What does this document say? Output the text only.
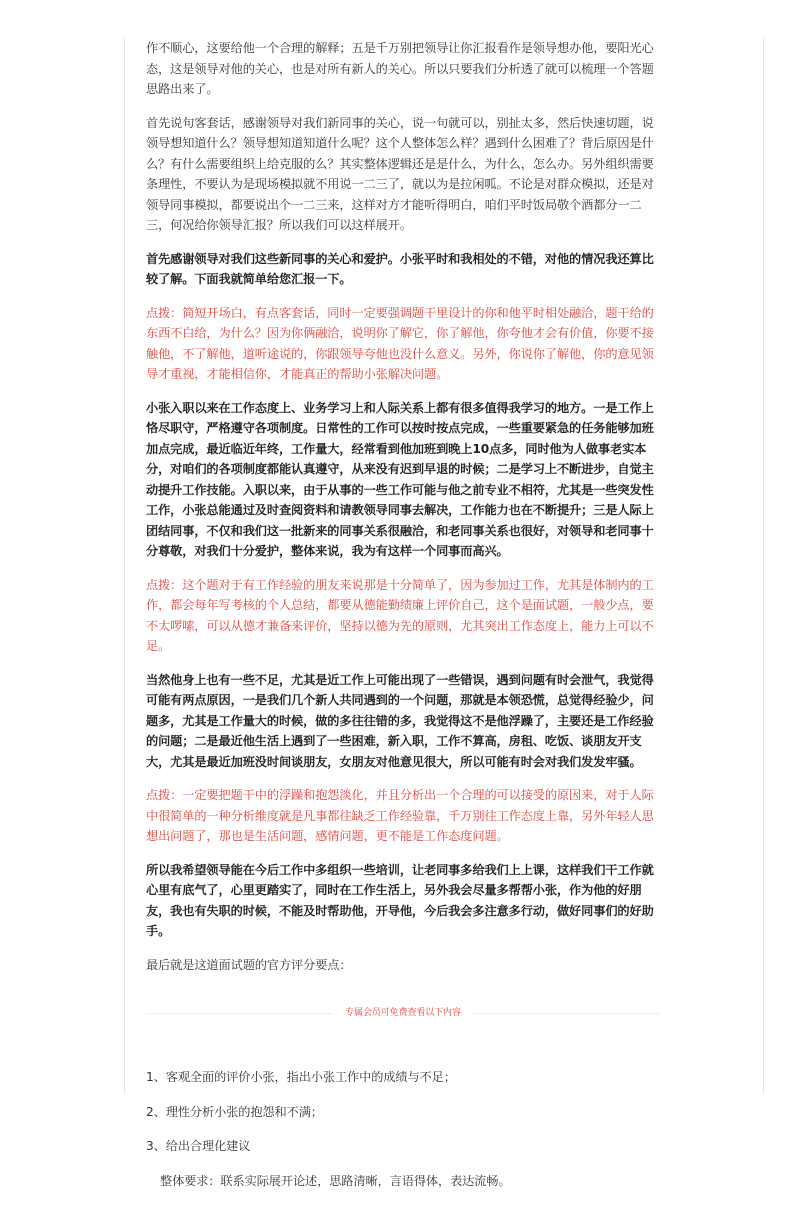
作不顺心，这要给他一个合理的解释；五是千万别把领导让你汇报看作是领导想办他，要阳光心态，这是领导对他的关心，也是对所有新人的关心。所以只要我们分析透了就可以梳理一个答题思路出来了。

首先说句客套话，感谢领导对我们新同事的关心，说一句就可以，别扯太多，然后快速切题，说领导想知道什么？领导想知道知道什么呢？这个人整体怎么样？遇到什么困难了？背后原因是什么？有什么需要组织上给克服的么？其实整体逻辑还是是什么，为什么，怎么办。另外组织需要条理性，不要认为是现场模拟就不用说一二三了，就以为是拉闲呱。不论是对群众模拟，还是对领导同事模拟，都要说出个一二三来，这样对方才能听得明白，咱们平时饭局敬个酒都分一二三，何况给你领导汇报？所以我们可以这样展开。

首先感谢领导对我们这些新同事的关心和爱护。小张平时和我相处的不错，对他的情况我还算比较了解。下面我就简单给您汇报一下。

点拨：简短开场白，有点客套话，同时一定要强调题干里设计的你和他平时相处融洽，题干给的东西不白给，为什么？因为你俩融洽，说明你了解它，你了解他，你夸他才会有价值，你要不接触他，不了解他，道听途说的，你跟领导夸他也没什么意义。另外，你说你了解他，你的意见领导才重视，才能相信你，才能真正的帮助小张解决问题。

小张入职以来在工作态度上、业务学习上和人际关系上都有很多值得我学习的地方。一是工作上恪尽职守，严格遵守各项制度。日常性的工作可以按时按点完成，一些重要紧急的任务能够加班加点完成，最近临近年终，工作量大，经常看到他加班到晚上10点多，同时他为人做事老实本分，对咱们的各项制度都能认真遵守，从来没有迟到早退的时候；二是学习上不断进步，自觉主动提升工作技能。入职以来，由于从事的一些工作可能与他之前专业不相符，尤其是一些突发性工作，小张总能通过及时查阅资料和请教领导同事去解决，工作能力也在不断提升；三是人际上团结同事，不仅和我们这一批新来的同事关系很融洽，和老同事关系也很好，对领导和老同事十分尊敬，对我们十分爱护，整体来说，我为有这样一个同事而高兴。

点拨：这个题对于有工作经验的朋友来说那是十分简单了，因为参加过工作，尤其是体制内的工作，都会每年写考核的个人总结，都要从德能勤绩廉上评价自己，这个是面试题，一般少点，要不太啰嗦，可以从德才兼备来评价，坚持以德为先的原则，尤其突出工作态度上，能力上可以不足。

当然他身上也有一些不足，尤其是近工作上可能出现了一些错误，遇到问题有时会泄气，我觉得可能有两点原因，一是我们几个新人共同遇到的一个问题，那就是本领恐慌，总觉得经验少，问题多，尤其是工作量大的时候，做的多往往错的多，我觉得这不是他浮躁了，主要还是工作经验的问题；二是最近他生活上遇到了一些困难，新入职，工作不算高，房租、吃饭、谈朋友开支大，尤其是最近加班没时间谈朋友，女朋友对他意见很大，所以可能有时会对我们发发牢骚。

点拨：一定要把题干中的浮躁和抱怨淡化，并且分析出一个合理的可以接受的原因来，对于人际中很简单的一种分析维度就是凡事都往缺乏工作经验靠，千万别往工作态度上靠，另外年轻人思想出问题了，那也是生活问题，感情问题，更不能是工作态度问题。

所以我希望领导能在今后工作中多组织一些培训，让老同事多给我们上上课，这样我们干工作就心里有底气了，心里更踏实了，同时在工作生活上，另外我会尽量多帮帮小张，作为他的好朋友，我也有失职的时候，不能及时帮助他，开导他，今后我会多注意多行动，做好同事们的好助手。

最后就是这道面试题的官方评分要点：

专属会员可免费查看以下内容

1、客观全面的评价小张，指出小张工作中的成绩与不足；

2、理性分析小张的抱怨和不满；

3、给出合理化建议

整体要求：联系实际展开论述，思路清晰，言语得体，表达流畅。
